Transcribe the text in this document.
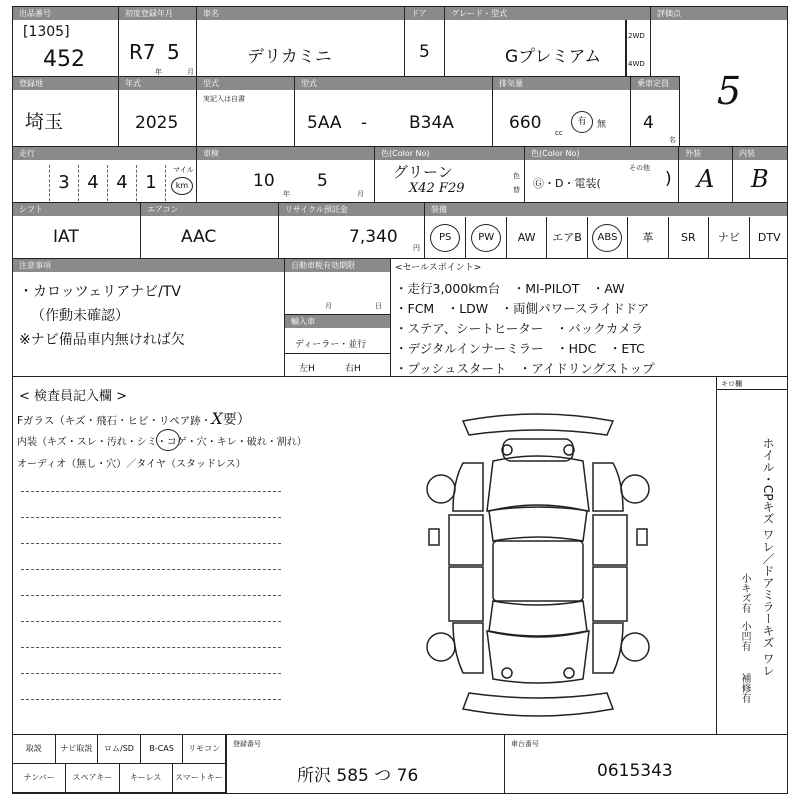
出品番号
[1305]
452
初度登録年月
R7 5
年	月
車名
デリカミニ
ドア
5
グレード・型式
Gプレミアム
2WD
4WD
評価点
5
登録地
埼玉
年式
2025
型式
実記入は自書
型式
5AA - B34A
排気量
660 cc
有	無
乗車定員
4
名
走行
3 4 4 1
マイル
km
車検
10
年
5
月
色(Color No)
グリーン
X42 F29
色
替
色(Color No)
Ⓖ・D・電装(
その他
)
外装
A
内装
B
シフト
IAT
エアコン
AAC
リサイクル預託金
7,340
円
装備
PS	PW	AW	エアB	ABS	革	SR	ナビ	DTV
注意事項
・カロッツェリアナビ/TV
（作動未確認）
※ナビ備品車内無ければ欠
自動車税有効期限
月	日
輸入車
ディーラー・並行
左H	右H
<セールスポイント>
・走行3,000km台　・MI-PILOT　・AW
・FCM　・LDW　・両側パワースライドドア
・ステア、シートヒーター　・バックカメラ
・デジタルインナーミラー　・HDC　・ETC
・プッシュスタート　・アイドリングストップ
< 検査員記入欄 >
Fガラス（キズ・飛石・ヒビ・リペア跡・X要）
内装（キズ・スレ・汚れ・シミ・コゲ・穴・キレ・破れ・割れ）
オーディオ（無し・穴）／タイヤ（スタッドレス）
キロ欄
ホイル・CPキズ ワレ／ドアミラーキズ ワレ
小キズ有
小凹有
補修有
取説	ナビ取説	ロム/SD	B-CAS	リモコン
ナンバー	スペアキー	キーレス	スマートキー
登録番号
所沢 585 つ 76
車台番号
0615343
